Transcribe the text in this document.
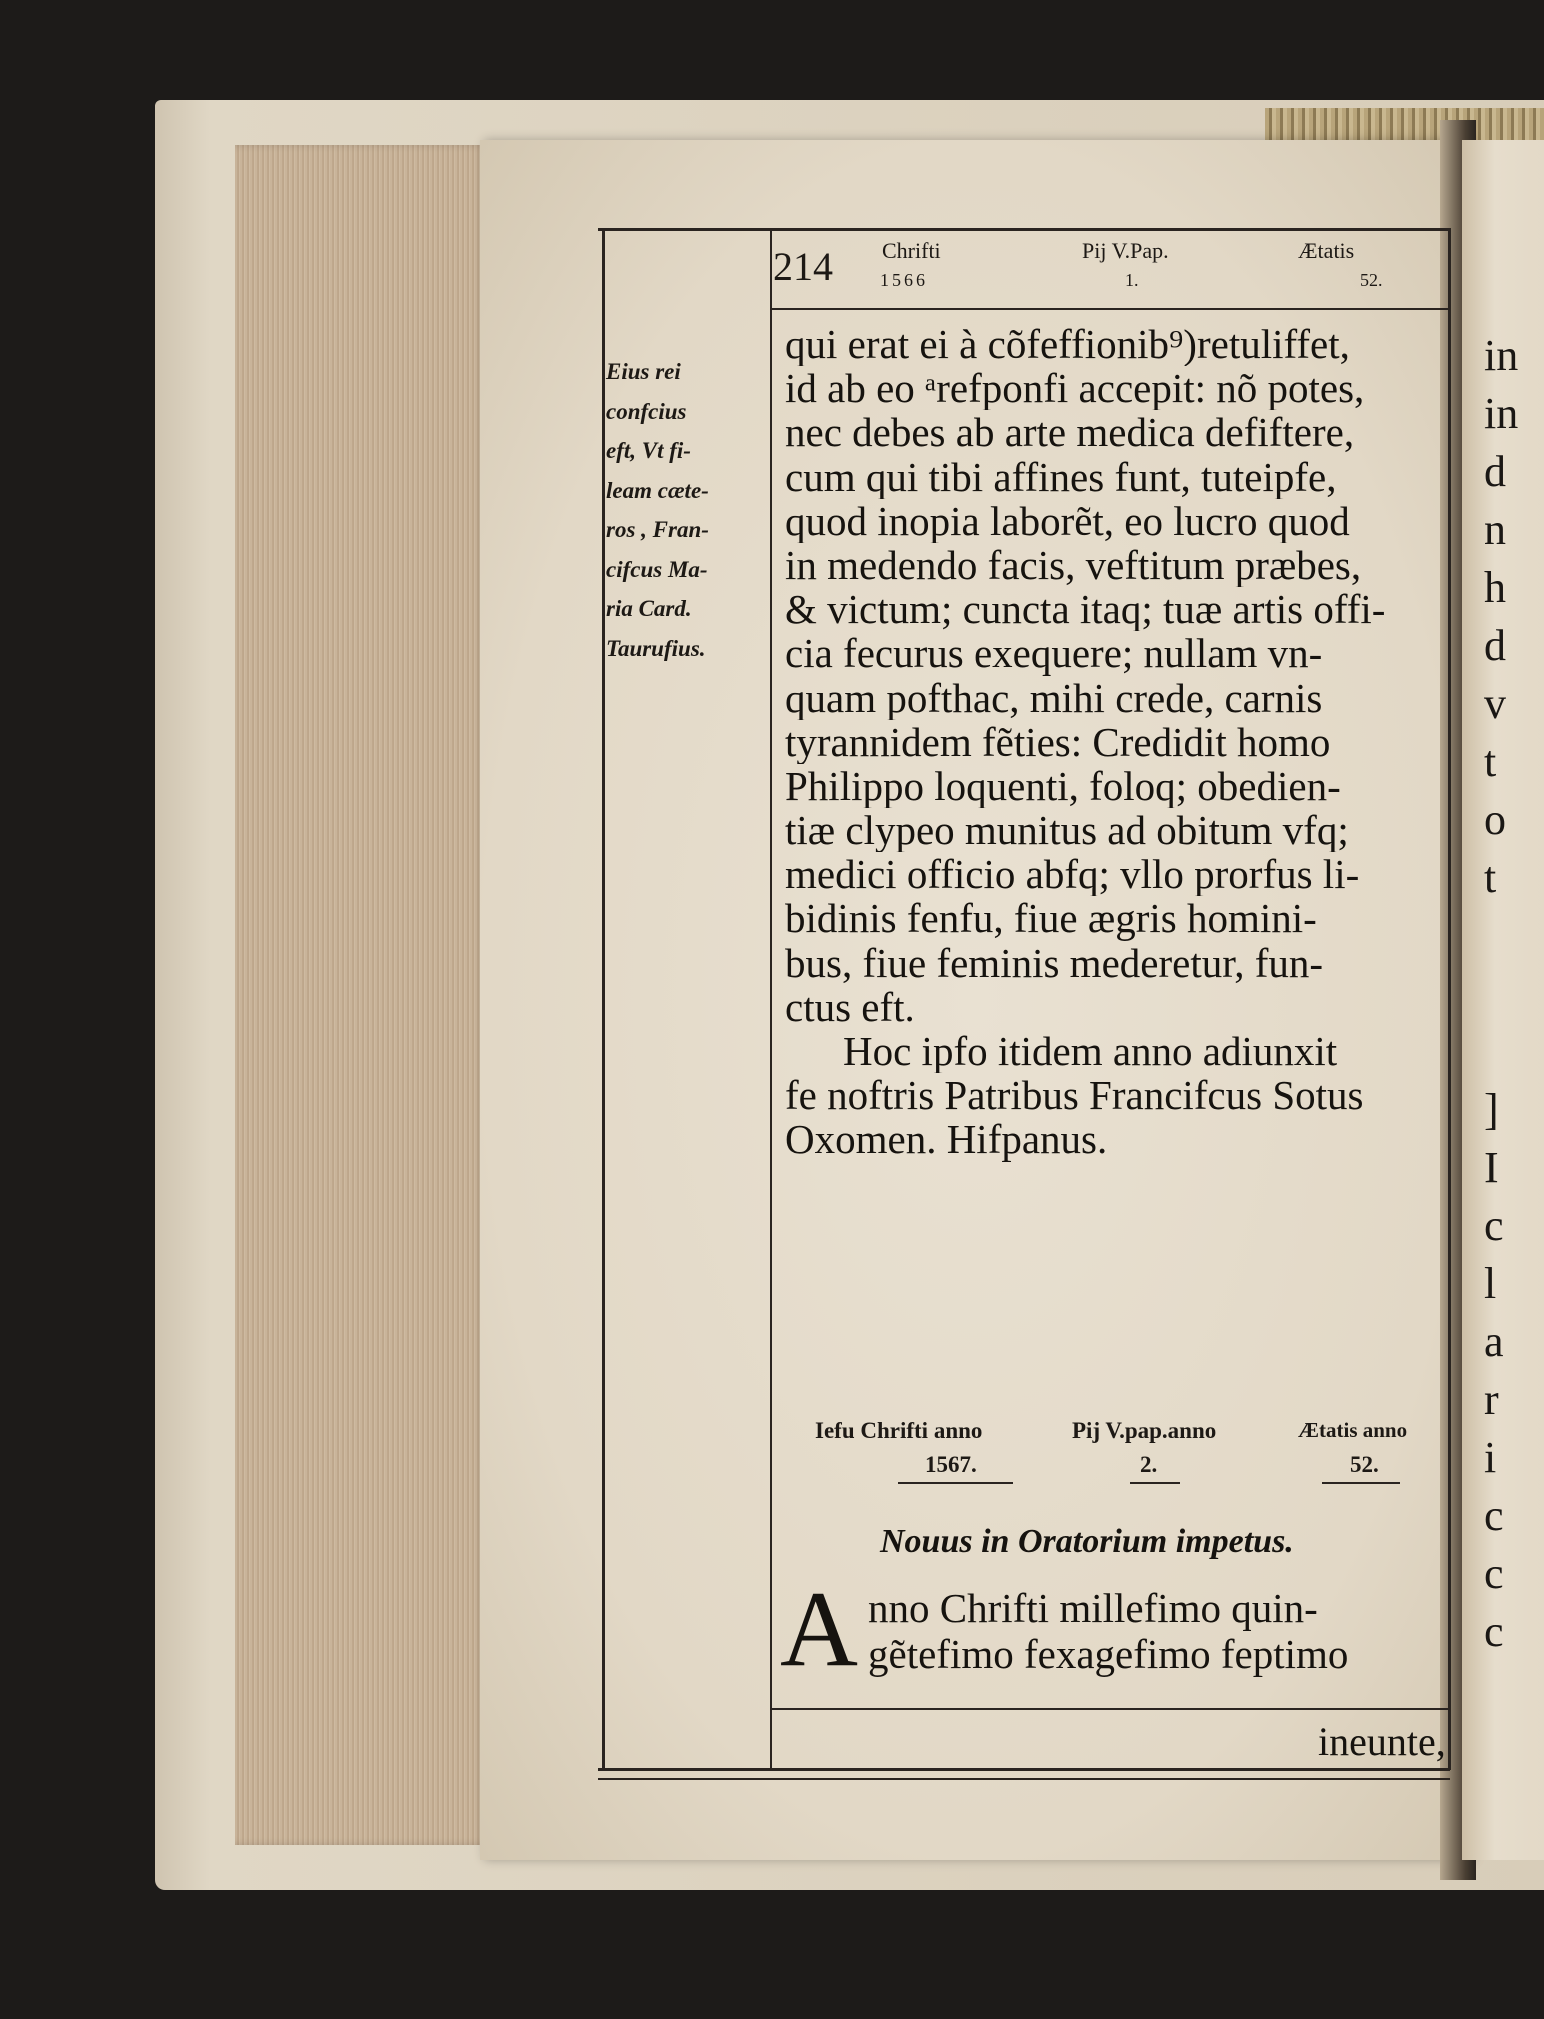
in
in
d
n
h
d
v
t
o
t
]
I
c
l
a
r
i
c
c
c
214 Chrifti
1566
Pij V.Pap.
1.
Ætatis
52.
Eius rei
confcius
eft, Vt fi-
leam cæte-
ros , Fran-
cifcus Ma-
ria Card.
Taurufius.
qui erat ei à cõfeffionib⁹)retuliffet,
id ab eo ᵃrefponfi accepit: nõ potes,
nec debes ab arte medica defiftere,
cum qui tibi affines funt, tuteipfe,
quod inopia laborẽt, eo lucro quod
in medendo facis, veftitum præbes,
& victum; cuncta itaq; tuæ artis offi-
cia fecurus exequere; nullam vn-
quam pofthac, mihi crede, carnis
tyrannidem fẽties: Credidit homo
Philippo loquenti, foloq; obedien-
tiæ clypeo munitus ad obitum vfq;
medici officio abfq; vllo prorfus li-
bidinis fenfu, fiue ægris homini-
bus, fiue feminis mederetur, fun-
ctus eft.
Hoc ipfo itidem anno adiunxit
fe noftris Patribus Francifcus Sotus
Oxomen. Hifpanus.
Iefu Chrifti anno
1567.
Pij V.pap.anno
2.
Ætatis anno
52.
Nouus in Oratorium impetus.
A nno Chrifti millefimo quin-
gẽtefimo fexagefimo feptimo
ineunte,
